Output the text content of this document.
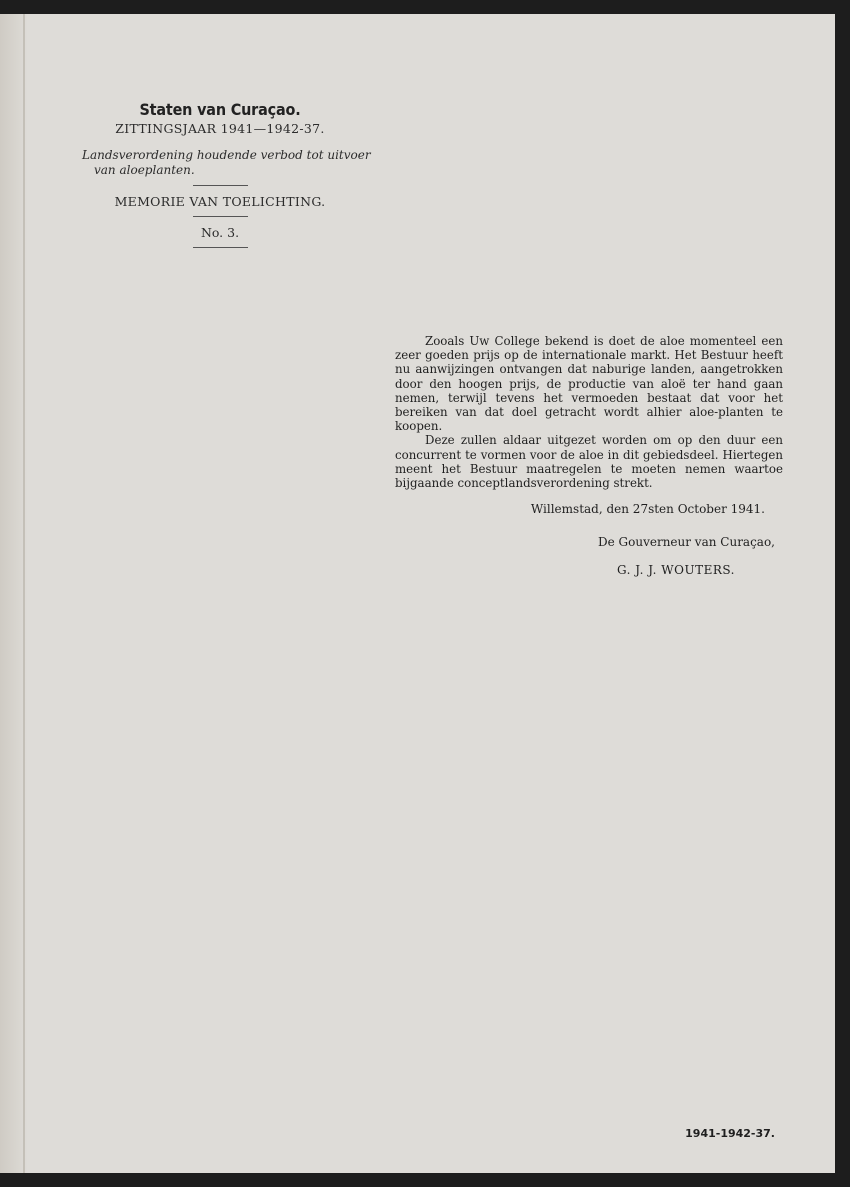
Staten van Curaçao.
ZITTINGSJAAR 1941—1942-37.
Landsverordening houdende verbod tot uitvoer
van aloeplanten.
MEMORIE VAN TOELICHTING.
No. 3.

Zooals Uw College bekend is doet de aloe momenteel een zeer goeden prijs op de internationale markt. Het Bestuur heeft nu aanwijzingen ontvangen dat naburige landen, aangetrokken door den hoogen prijs, de productie van aloë ter hand gaan nemen, terwijl tevens het vermoeden bestaat dat voor het bereiken van dat doel getracht wordt alhier aloe-planten te koopen.

Deze zullen aldaar uitgezet worden om op den duur een concurrent te vormen voor de aloe in dit gebiedsdeel. Hiertegen meent het Bestuur maatregelen te moeten nemen waartoe bijgaande conceptlandsverordening strekt.

Willemstad, den 27sten October 1941.
De Gouverneur van Curaçao,
G. J. J. WOUTERS.
1941-1942-37.
